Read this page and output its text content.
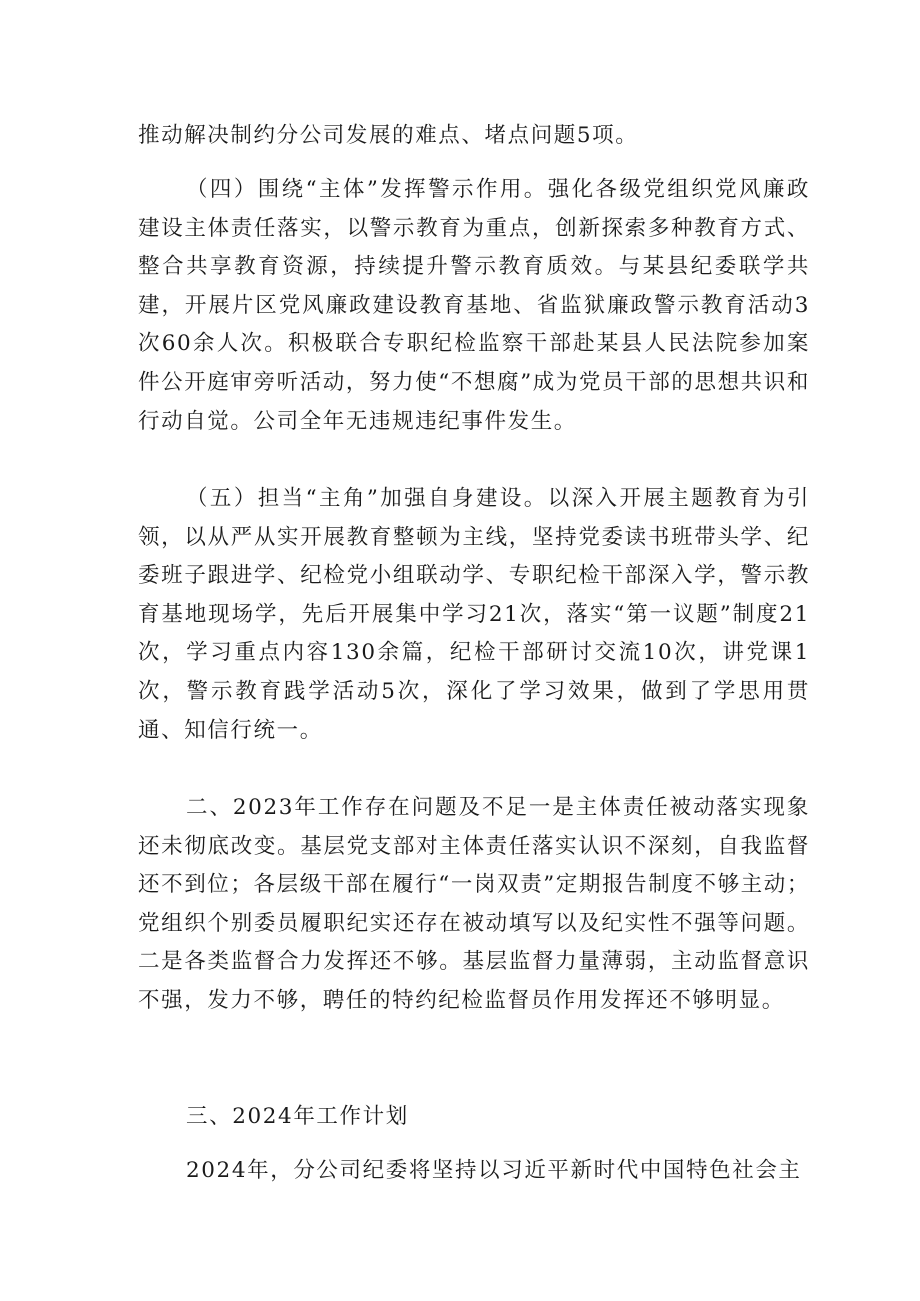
推动解决制约分公司发展的难点、堵点问题5项。

（四）围绕“主体”发挥警示作用。强化各级党组织党风廉政建设主体责任落实，以警示教育为重点，创新探索多种教育方式、整合共享教育资源，持续提升警示教育质效。与某县纪委联学共建，开展片区党风廉政建设教育基地、省监狱廉政警示教育活动3次60余人次。积极联合专职纪检监察干部赴某县人民法院参加案件公开庭审旁听活动，努力使“不想腐”成为党员干部的思想共识和行动自觉。公司全年无违规违纪事件发生。

（五）担当“主角”加强自身建设。以深入开展主题教育为引领，以从严从实开展教育整顿为主线，坚持党委读书班带头学、纪委班子跟进学、纪检党小组联动学、专职纪检干部深入学，警示教育基地现场学，先后开展集中学习21次，落实“第一议题”制度21次，学习重点内容130余篇，纪检干部研讨交流10次，讲党课1次，警示教育践学活动5次，深化了学习效果，做到了学思用贯通、知信行统一。

二、2023年工作存在问题及不足一是主体责任被动落实现象还未彻底改变。基层党支部对主体责任落实认识不深刻，自我监督还不到位；各层级干部在履行“一岗双责”定期报告制度不够主动；党组织个别委员履职纪实还存在被动填写以及纪实性不强等问题。二是各类监督合力发挥还不够。基层监督力量薄弱，主动监督意识不强，发力不够，聘任的特约纪检监督员作用发挥还不够明显。

三、2024年工作计划

2024年，分公司纪委将坚持以习近平新时代中国特色社会主
